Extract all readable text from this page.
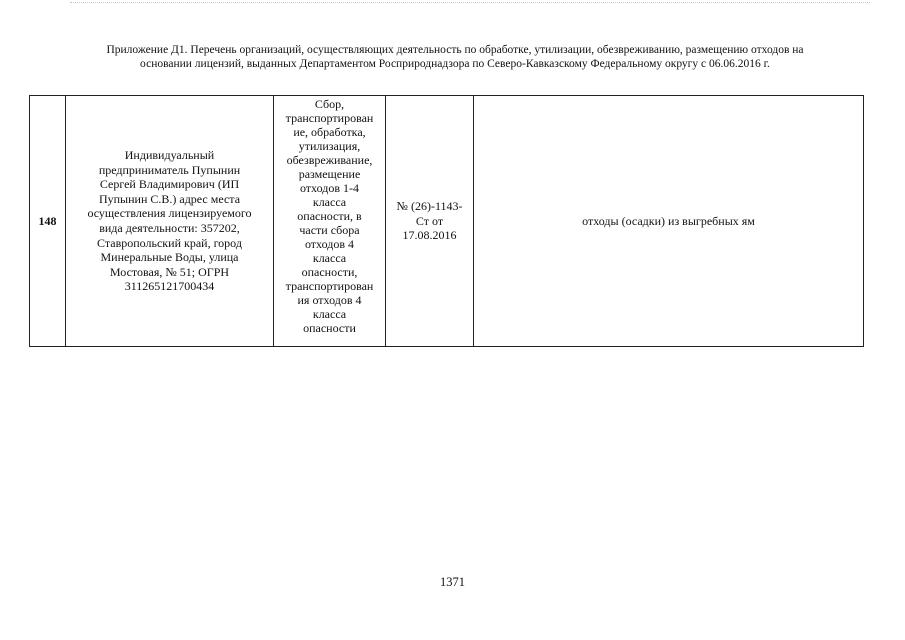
Приложение Д1. Перечень организаций, осуществляющих деятельность по обработке, утилизации, обезвреживанию, размещению отходов на
основании лицензий, выданных Департаментом Росприроднадзора по Северо-Кавказскому Федеральному округу с 06.06.2016 г.
148	Индивидуальный
предприниматель Пупынин
Сергей Владимирович (ИП
Пупынин С.В.) адрес места
осуществления лицензируемого
вида деятельности: 357202,
Ставропольский край, город
Минеральные Воды, улица
Мостовая, № 51; ОГРН
311265121700434	Сбор,
транспортирован
ие, обработка,
утилизация,
обезвреживание,
размещение
отходов 1-4
класса
опасности, в
части сбора
отходов 4
класса
опасности,
транспортирован
ия отходов 4
класса
опасности	№ (26)-1143-
Ст от
17.08.2016	отходы (осадки) из выгребных ям
1371
